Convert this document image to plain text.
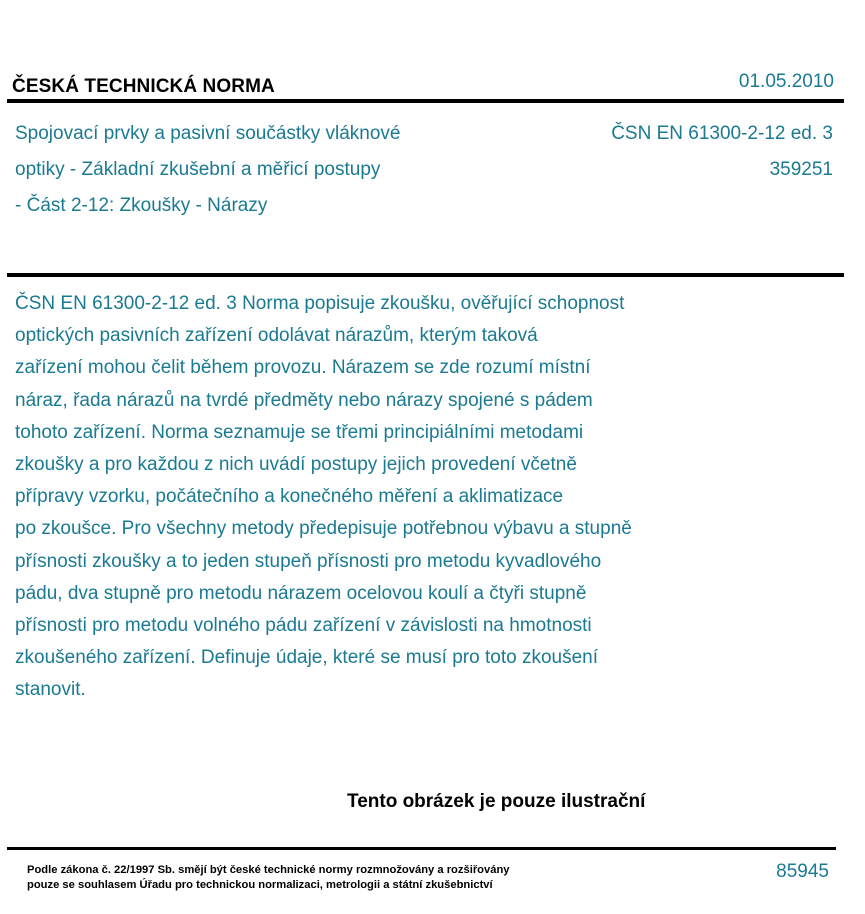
ČESKÁ TECHNICKÁ NORMA	01.05.2010
Spojovací prvky a pasivní součástky vláknové
optiky - Základní zkušební a měřicí postupy
- Část 2-12: Zkoušky - Nárazy
ČSN EN 61300-2-12 ed. 3
359251
ČSN EN 61300-2-12 ed. 3 Norma popisuje zkoušku, ověřující schopnost
optických pasivních zařízení odolávat nárazům, kterým taková
zařízení mohou čelit během provozu. Nárazem se zde rozumí místní
náraz, řada nárazů na tvrdé předměty nebo nárazy spojené s pádem
tohoto zařízení. Norma seznamuje se třemi principiálními metodami
zkoušky a pro každou z nich uvádí postupy jejich provedení včetně
přípravy vzorku, počátečního a konečného měření a aklimatizace
po zkoušce. Pro všechny metody předepisuje potřebnou výbavu a stupně
přísnosti zkoušky a to jeden stupeň přísnosti pro metodu kyvadlového
pádu, dva stupně pro metodu nárazem ocelovou koulí a čtyři stupně
přísnosti pro metodu volného pádu zařízení v závislosti na hmotnosti
zkoušeného zařízení. Definuje údaje, které se musí pro toto zkoušení
stanovit.
Tento obrázek je pouze ilustrační
Podle zákona č. 22/1997 Sb. smějí být české technické normy rozmnožovány a rozšiřovány
pouze se souhlasem Úřadu pro technickou normalizaci, metrologii a státní zkušebnictví
85945
